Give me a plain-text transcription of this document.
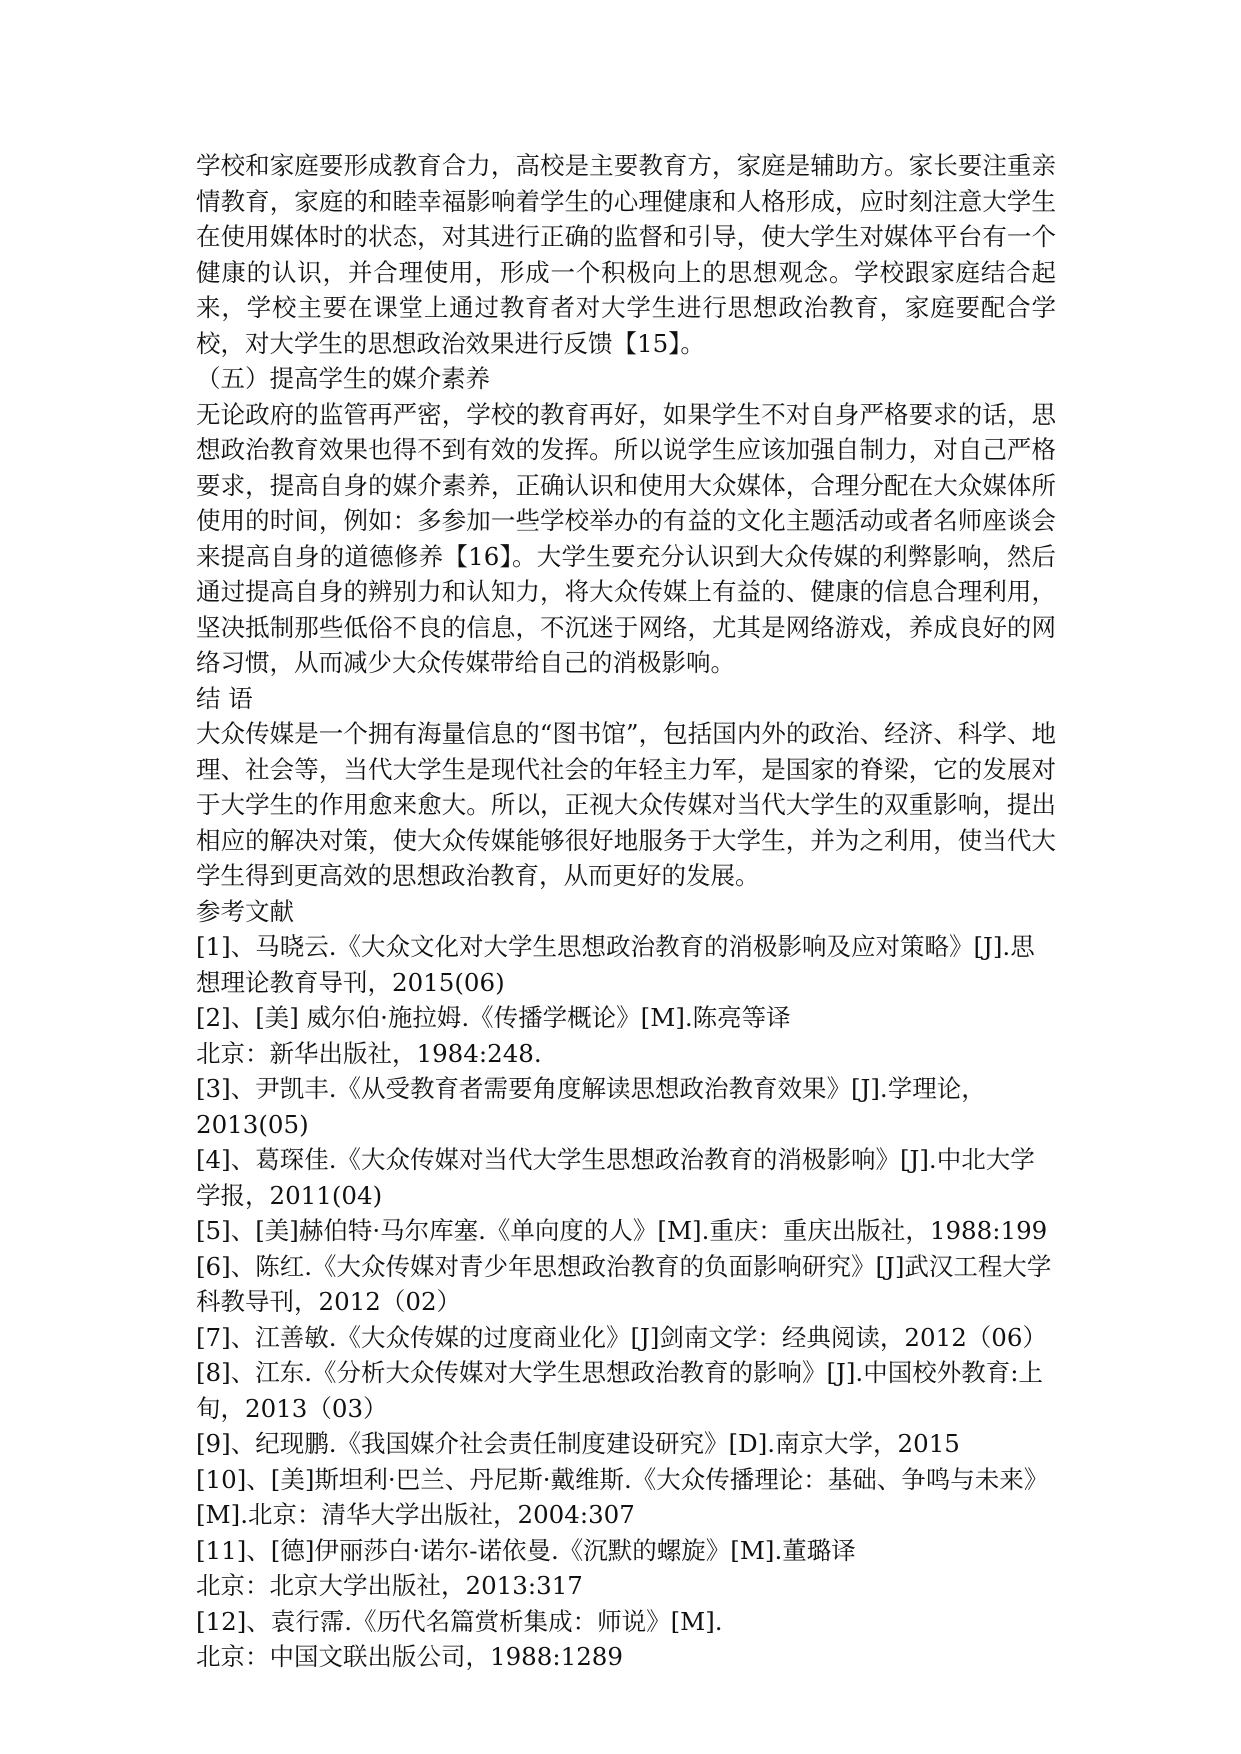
学校和家庭要形成教育合力，高校是主要教育方，家庭是辅助方。家长要注重亲情教育，家庭的和睦幸福影响着学生的心理健康和人格形成，应时刻注意大学生在使用媒体时的状态，对其进行正确的监督和引导，使大学生对媒体平台有一个健康的认识，并合理使用，形成一个积极向上的思想观念。学校跟家庭结合起来，学校主要在课堂上通过教育者对大学生进行思想政治教育，家庭要配合学校，对大学生的思想政治效果进行反馈【15】。

（五）提高学生的媒介素养

无论政府的监管再严密，学校的教育再好，如果学生不对自身严格要求的话，思想政治教育效果也得不到有效的发挥。所以说学生应该加强自制力，对自己严格要求，提高自身的媒介素养，正确认识和使用大众媒体，合理分配在大众媒体所使用的时间，例如：多参加一些学校举办的有益的文化主题活动或者名师座谈会来提高自身的道德修养【16】。大学生要充分认识到大众传媒的利弊影响，然后通过提高自身的辨别力和认知力，将大众传媒上有益的、健康的信息合理利用，坚决抵制那些低俗不良的信息，不沉迷于网络，尤其是网络游戏，养成良好的网络习惯，从而减少大众传媒带给自己的消极影响。

结 语

大众传媒是一个拥有海量信息的“图书馆”，包括国内外的政治、经济、科学、地理、社会等，当代大学生是现代社会的年轻主力军，是国家的脊梁，它的发展对于大学生的作用愈来愈大。所以，正视大众传媒对当代大学生的双重影响，提出相应的解决对策，使大众传媒能够很好地服务于大学生，并为之利用，使当代大学生得到更高效的思想政治教育，从而更好的发展。

参考文献
[1]、马晓云.《大众文化对大学生思想政治教育的消极影响及应对策略》[J].思想理论教育导刊，2015(06)
[2]、[美] 威尔伯·施拉姆.《传播学概论》[M].陈亮等译
北京：新华出版社，1984:248.
[3]、尹凯丰.《从受教育者需要角度解读思想政治教育效果》[J].学理论，2013(05)
[4]、葛琛佳.《大众传媒对当代大学生思想政治教育的消极影响》[J].中北大学学报，2011(04)
[5]、[美]赫伯特·马尔库塞.《单向度的人》[M].重庆：重庆出版社，1988:199
[6]、陈红.《大众传媒对青少年思想政治教育的负面影响研究》[J]武汉工程大学科教导刊，2012（02）
[7]、江善敏.《大众传媒的过度商业化》[J]剑南文学：经典阅读，2012（06）
[8]、江东.《分析大众传媒对大学生思想政治教育的影响》[J].中国校外教育:上旬，2013（03）
[9]、纪现鹏.《我国媒介社会责任制度建设研究》[D].南京大学，2015
[10]、[美]斯坦利·巴兰、丹尼斯·戴维斯.《大众传播理论：基础、争鸣与未来》[M].北京：清华大学出版社，2004:307
[11]、[德]伊丽莎白·诺尔-诺依曼.《沉默的螺旋》[M].董璐译
北京：北京大学出版社，2013:317
[12]、袁行霈.《历代名篇赏析集成：师说》[M].
北京：中国文联出版公司，1988:1289
